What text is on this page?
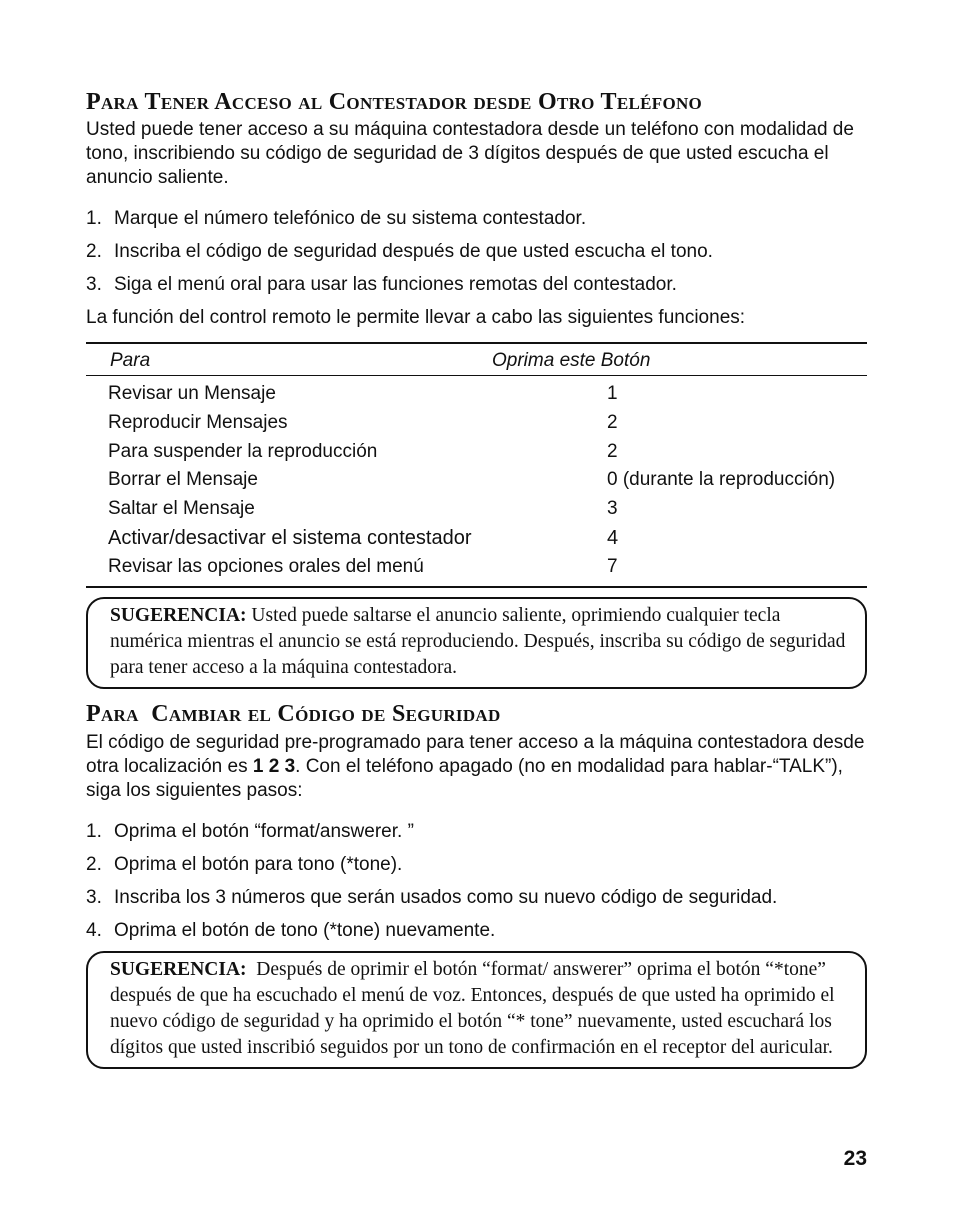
Para Tener Acceso al Contestador desde Otro Teléfono

Usted puede tener acceso a su máquina contestadora desde un teléfono con modalidad de tono, inscribiendo su código de seguridad de 3 dígitos después de que usted escucha el anuncio saliente.

1. Marque el número telefónico de su sistema contestador.
2. Inscriba el código de seguridad después de que usted escucha el tono.
3. Siga el menú oral para usar las funciones remotas del contestador.

La función del control remoto le permite llevar a cabo las siguientes funciones:

Para	Oprima este Botón
Revisar un Mensaje	1
Reproducir Mensajes	2
Para suspender la reproducción	2
Borrar el Mensaje	0 (durante la reproducción)
Saltar el Mensaje	3
Activar/desactivar el sistema contestador	4
Revisar las opciones orales del menú	7
SUGERENCIA: Usted puede saltarse el anuncio saliente, oprimiendo cualquier tecla numérica mientras el anuncio se está reproduciendo. Después, inscriba su código de seguridad para tener acceso a la máquina contestadora.
Para  Cambiar el Código de Seguridad

El código de seguridad pre-programado para tener acceso a la máquina contestadora desde otra localización es 1 2 3. Con el teléfono apagado (no en modalidad para hablar-“TALK”), siga los siguientes pasos:

1. Oprima el botón “format/answerer. ”
2. Oprima el botón para tono (*tone).
3. Inscriba los 3 números que serán usados como su nuevo código de seguridad.
4. Oprima el botón de tono (*tone) nuevamente.
SUGERENCIA:  Después de oprimir el botón “format/ answerer” oprima el botón “*tone” después de que ha escuchado el menú de voz. Entonces, después de que usted ha oprimido el nuevo código de seguridad y ha oprimido el botón “* tone” nuevamente, usted escuchará los dígitos que usted inscribió seguidos por un tono de confirmación en el receptor del auricular.
23
